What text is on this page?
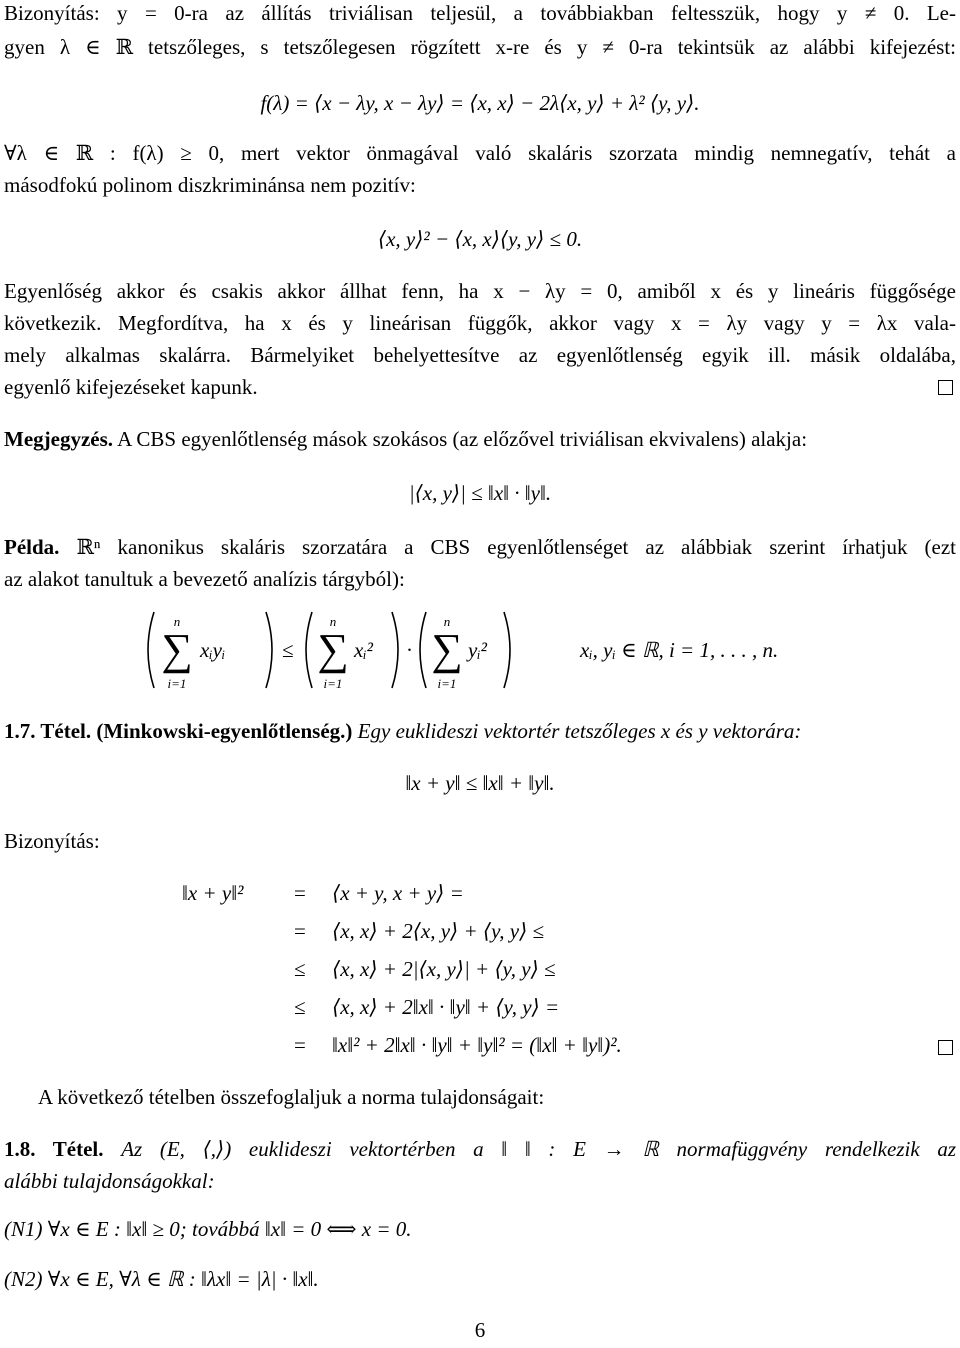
Bizonyítás: y = 0-ra az állítás triviálisan teljesül, a továbbiakban feltesszük, hogy y ≠ 0. Le-
gyen λ ∈ ℝ tetszőleges, s tetszőlegesen rögzített x-re és y ≠ 0-ra tekintsük az alábbi kifejezést:
f(λ) = ⟨x − λy, x − λy⟩ = ⟨x, x⟩ − 2λ⟨x, y⟩ + λ² ⟨y, y⟩.
∀λ ∈ ℝ : f(λ) ≥ 0, mert vektor önmagával való skaláris szorzata mindig nemnegatív, tehát a
másodfokú polinom diszkriminánsa nem pozitív:
⟨x, y⟩² − ⟨x, x⟩⟨y, y⟩ ≤ 0.
Egyenlőség akkor és csakis akkor állhat fenn, ha x − λy = 0, amiből x és y lineáris függősége
következik. Megfordítva, ha x és y lineárisan függők, akkor vagy x = λy vagy y = λx vala-
mely alkalmas skalárra. Bármelyiket behelyettesítve az egyenlőtlenség egyik ill. másik oldalába,
egyenlő kifejezéseket kapunk.
Megjegyzés. A CBS egyenlőtlenség mások szokásos (az előzővel triviálisan ekvivalens) alakja:
|⟨x, y⟩| ≤ ‖x‖ · ‖y‖.
Példa. ℝⁿ kanonikus skaláris szorzatára a CBS egyenlőtlenséget az alábbiak szerint írhatjuk (ezt
az alakot tanultuk a bevezető analízis tárgyból):
n
∑
i=1
xᵢyᵢ	≤
n
∑
i=1
xᵢ² ·
n
∑
i=1
yᵢ²	xᵢ, yᵢ ∈ ℝ, i = 1, . . . , n.
1.7. Tétel. (Minkowski-egyenlőtlenség.) Egy euklideszi vektortér tetszőleges x és y vektorára:
‖x + y‖ ≤ ‖x‖ + ‖y‖.
Bizonyítás:
‖x + y‖² = ⟨x + y, x + y⟩ =
= ⟨x, x⟩ + 2⟨x, y⟩ + ⟨y, y⟩ ≤
≤ ⟨x, x⟩ + 2|⟨x, y⟩| + ⟨y, y⟩ ≤
≤ ⟨x, x⟩ + 2‖x‖ · ‖y‖ + ⟨y, y⟩ =
= ‖x‖² + 2‖x‖ · ‖y‖ + ‖y‖² = (‖x‖ + ‖y‖)².
A következő tételben összefoglaljuk a norma tulajdonságait:
1.8. Tétel. Az (E, ⟨,⟩) euklideszi vektortérben a ‖ ‖ : E → ℝ normafüggvény rendelkezik az
alábbi tulajdonságokkal:
(N1) ∀x ∈ E : ‖x‖ ≥ 0; továbbá ‖x‖ = 0 ⟺ x = 0.
(N2) ∀x ∈ E, ∀λ ∈ ℝ : ‖λx‖ = |λ| · ‖x‖.
6
